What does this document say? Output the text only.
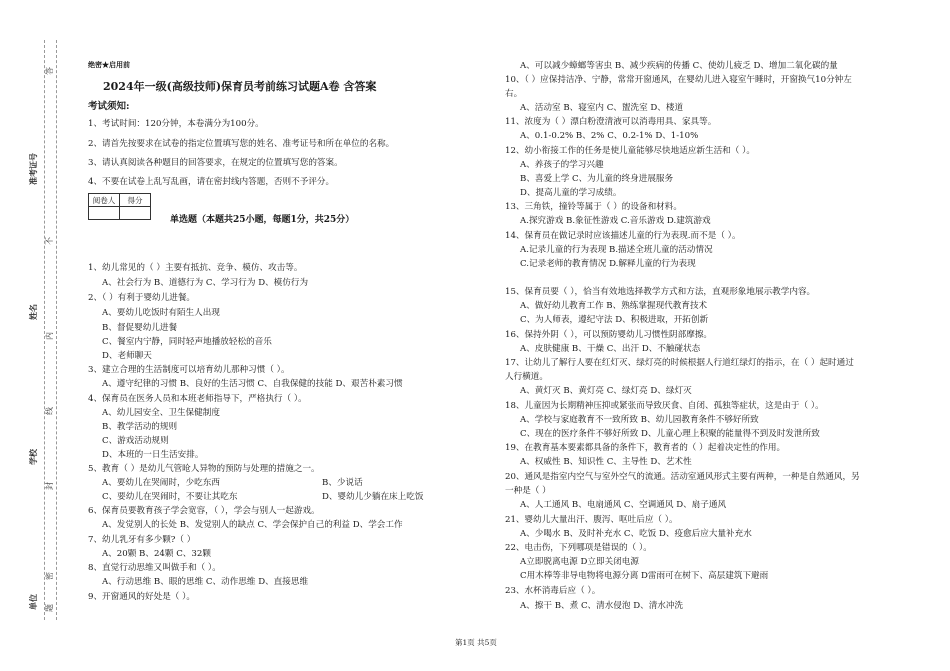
准考证号
姓名
学校
单位
答
不
内
线
封
密
题
绝密★启用前
2024年一级(高级技师)保育员考前练习试题A卷 含答案
考试须知:
1、考试时间：120分钟，本卷满分为100分。
2、请首先按要求在试卷的指定位置填写您的姓名、准考证号和所在单位的名称。
3、请认真阅读各种题目的回答要求，在规定的位置填写您的答案。
4、不要在试卷上乱写乱画，请在密封线内答题，否则不予评分。
阅卷人	得分

单选题（本题共25小题，每题1分，共25分）
1、幼儿常见的（ ）主要有抵抗、竞争、模仿、攻击等。
A、社会行为 B、道德行为 C、学习行为 D、模仿行为
2、（ ）有利于婴幼儿进餐。
A、要幼儿吃饭时有陌生人出现
B、督促婴幼儿进餐
C、餐室内宁静，同时轻声地播放轻松的音乐
D、老师聊天
3、建立合理的生活制度可以培育幼儿那种习惯（ ）。
A、遵守纪律的习惯 B、良好的生活习惯 C、自我保健的技能 D、艰苦朴素习惯
4、保育员在医务人员和本班老师指导下，严格执行（ ）。
A、幼儿园安全、卫生保健制度
B、教学活动的规则
C、游戏活动规则
D、本班的一日生活安排。
5、教育（ ）是幼儿气管呛人异物的预防与处理的措施之一。
A、要幼儿在哭闹时，少吃东西	B、少说话
C、要幼儿在哭闹时，不要让其吃东	D、婴幼儿少躺在床上吃饭
6、保育员要教育孩子学会宽容，（ ），学会与别人一起游戏。
A、发觉别人的长处 B、发觉别人的缺点 C、学会保护自己的利益 D、学会工作
7、幼儿乳牙有多少颗?（ ）
A、20颗 B、24颗 C、32颗
8、直觉行动思维又叫做手和（ ）。
A、行动思维 B、眼的思维 C、动作思维 D、直接思维
9、开窗通风的好处是（ ）。
A、可以减少蟑螂等害虫 B、减少疾病的传播 C、使幼儿疲乏 D、增加二氧化碳的量
10、（ ）应保持洁净、宁静，常常开窗通风，在婴幼儿进入寝室午睡时，开窗换气10分钟左
右。
A、活动室 B、寝室内 C、盥洗室 D、楼道
11、浓度为（ ）漂白粉澄清液可以消毒用具、家具等。
A、0.1-0.2% B、2% C、0.2-1% D、1-10%
12、幼小衔接工作的任务是使儿童能够尽快地适应新生活和（ ）。
A、养孩子的学习兴趣
B、喜爱上学 C、为儿童的终身进展服务
D、提高儿童的学习成绩。
13、三角铁，撞铃等属于（ ）的设备和材料。
A.探究游戏 B.象征性游戏 C.音乐游戏 D.建筑游戏
14、保育员在做记录时应该描述儿童的行为表现.而不是（ ）。
A.记录儿童的行为表现 B.描述全班儿童的活动情况
C.记录老师的教育情况 D.解释儿童的行为表现
15、保育员要（ ），恰当有效地选择教学方式和方法，直观形象地展示教学内容。
A、做好幼儿教育工作 B、熟练掌握现代教育技术
C、为人师表，遵纪守法 D、积极进取，开拓创新
16、保持外阴（ ），可以预防婴幼儿习惯性阴部摩擦。
A、皮肤健康 B、干燥 C、出汗 D、不触碰状态
17、让幼儿了解行人要在红灯灭、绿灯亮的时候根据人行道红绿灯的指示，在（ ）起时通过
人行横道。
A、黄灯灭 B、黄灯亮 C、绿灯亮 D、绿灯灭
18、儿童因为长期精神压抑或紧张而导致厌食、自闭、孤独等症状，这是由于（ ）。
A、学校与家庭教育不一致所致 B、幼儿园教育条件不够好所致
C、现在的医疗条件不够好所致 D、儿童心理上积聚的能量得不到及时发泄所致
19、在教育基本要素都具备的条件下，教育者的（ ）起着决定性的作用。
A、权威性 B、知识性 C、主导性 D、艺术性
20、通风是指室内空气与室外空气的流通。活动室通风形式主要有两种，一种是自然通风，另
一种是（ ）
A、人工通风 B、电扇通风 C、空调通风 D、扇子通风
21、婴幼儿大量出汗、腹泻、呕吐后应（ ）。
A、少喝水 B、及时补充水 C、吃饭 D、疫愈后应大量补充水
22、电击伤，下列哪项是错误的（ ）。
A立即脱离电源 D立即关闭电源
C用木棒等非导电物将电源分离 D雷雨可在树下、高层建筑下避雨
23、水杯消毒后应（ ）。
A、擦干 B、煮 C、清水侵泡 D、清水冲洗
第1页 共5页
